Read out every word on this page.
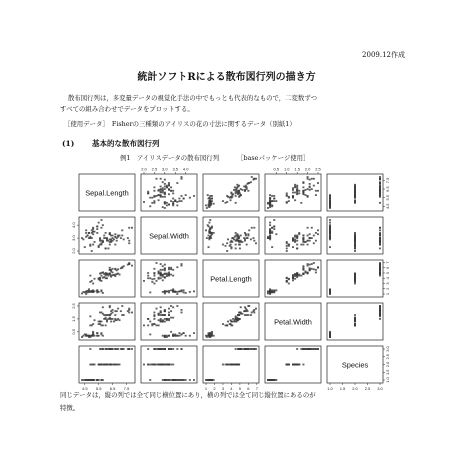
2009.12作成
統計ソフトRによる散布図行列の描き方
散布図行列は，多変量データの視覚化手法の中でもっとも代表的なもので，二変数ずつ
すべての組み合わせでデータをプロットする。
［使用データ］　Fisherの三種類のアイリスの花の寸法に関するデータ（別紙1）
(1) 基本的な散布図行列
例1　アイリスデータの散布図行列	［baseパッケージ使用］
Sepal.Length
Sepal.Width
Petal.Length
Petal.Width
Species
2.0 2.5 3.0 3.5 4.0	0.5 1.0 1.5 2.0 2.5
4.5 5.5 6.5 7.5	1 2 3 4 5 6 7	1.0 1.5 2.0 2.5 3.0
2.0
3.0
4.0
0.5
1.5
2.5
4.5
5.5
6.5
7.5
1
2
3
4
5
6
7
1.0
1.5
2.0
2.5
3.0
同じデータは，縦の列では全て同じ横位置にあり，横の列では全て同じ縦位置にあるのが
特徴。
